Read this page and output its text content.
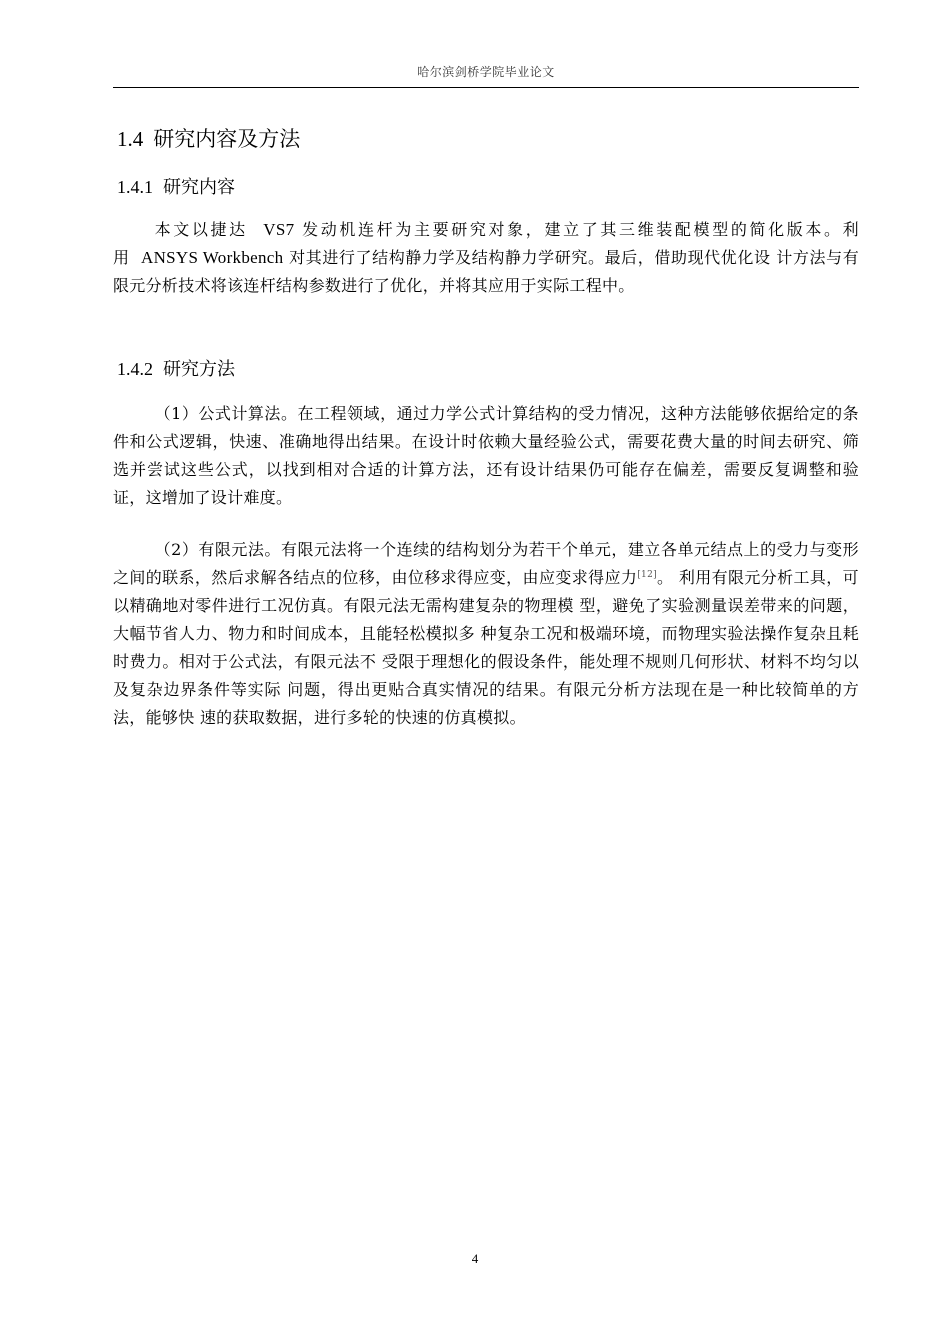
哈尔滨剑桥学院毕业论文
1.4 研究内容及方法
1.4.1 研究内容

本文以捷达 VS7 发动机连杆为主要研究对象，建立了其三维装配模型的简化版本。利 用 ANSYS Workbench 对其进行了结构静力学及结构静力学研究。最后，借助现代优化设 计方法与有限元分析技术将该连杆结构参数进行了优化，并将其应用于实际工程中。

1.4.2 研究方法

（1）公式计算法。在工程领域，通过力学公式计算结构的受力情况，这种方法能够依据给定的条件和公式逻辑，快速、准确地得出结果。在设计时依赖大量经验公式，需要花费大量的时间去研究、筛选并尝试这些公式，以找到相对合适的计算方法，还有设计结果仍可能存在偏差，需要反复调整和验证，这增加了设计难度。

（2）有限元法。有限元法将一个连续的结构划分为若干个单元，建立各单元结点上的受力与变形之间的联系，然后求解各结点的位移，由位移求得应变，由应变求得应力[12]。 利用有限元分析工具，可以精确地对零件进行工况仿真。有限元法无需构建复杂的物理模 型，避免了实验测量误差带来的问题，大幅节省人力、物力和时间成本，且能轻松模拟多 种复杂工况和极端环境，而物理实验法操作复杂且耗时费力。相对于公式法，有限元法不 受限于理想化的假设条件，能处理不规则几何形状、材料不均匀以及复杂边界条件等实际 问题，得出更贴合真实情况的结果。有限元分析方法现在是一种比较简单的方法，能够快 速的获取数据，进行多轮的快速的仿真模拟。

4
